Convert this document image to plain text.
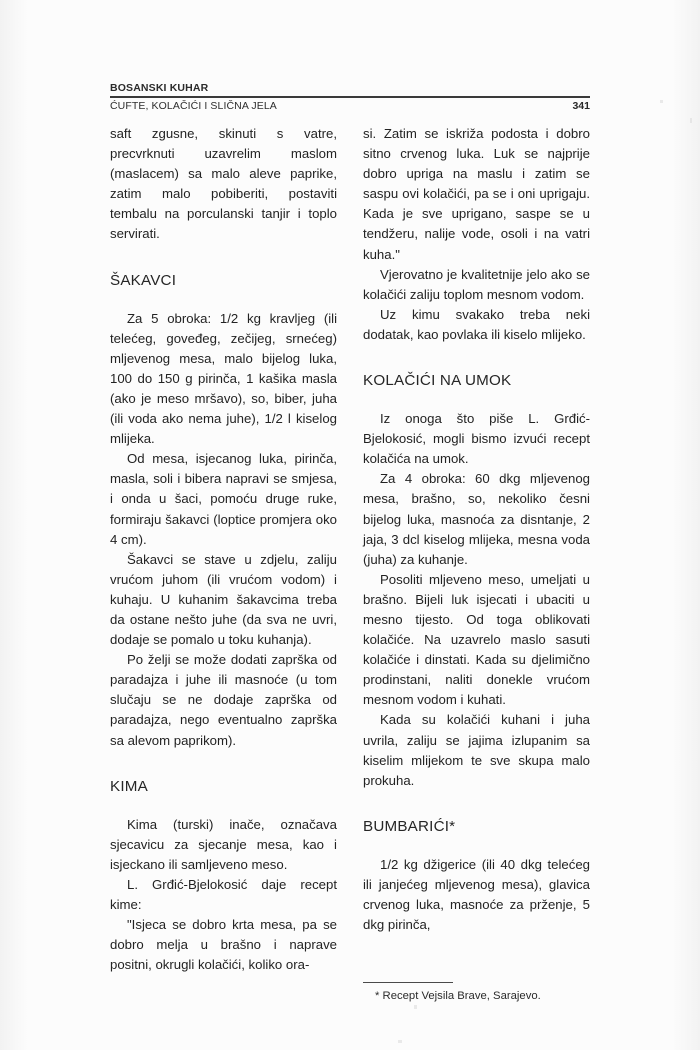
BOSANSKI KUHAR
ĆUFTE, KOLAČIĆI I SLIČNA JELA	341

saft zgusne, skinuti s vatre, precvrknuti uzavrelim maslom (maslacem) sa malo aleve paprike, zatim malo pobiberiti, postaviti tembalu na porculanski tanjir i toplo servirati.

ŠAKAVCI

Za 5 obroka: 1/2 kg kravljeg (ili telećeg, goveđeg, zečijeg, srnećeg) mljevenog mesa, malo bijelog luka, 100 do 150 g pirinča, 1 kašika masla (ako je meso mršavo), so, biber, juha (ili voda ako nema juhe), 1/2 l kiselog mlijeka.

Od mesa, isjecanog luka, pirinča, masla, soli i bibera napravi se smjesa, i onda u šaci, pomoću druge ruke, formiraju šakavci (loptice promjera oko 4 cm).

Šakavci se stave u zdjelu, zaliju vrućom juhom (ili vrućom vodom) i kuhaju. U kuhanim šakavcima treba da ostane nešto juhe (da sva ne uvri, dodaje se pomalo u toku kuhanja).

Po želji se može dodati zaprška od paradajza i juhe ili masnoće (u tom slučaju se ne dodaje zaprška od paradajza, nego eventualno zaprška sa alevom paprikom).

KIMA

Kima (turski) inače, označava sjecavicu za sjecanje mesa, kao i isjeckano ili samljeveno meso.

L. Grđić-Bjelokosić daje recept kime:

"Isjeca se dobro krta mesa, pa se dobro melja u brašno i naprave positni, okrugli kolačići, koliko ora-

si. Zatim se iskriža podosta i dobro sitno crvenog luka. Luk se najprije dobro upriga na maslu i zatim se saspu ovi kolačići, pa se i oni uprigaju. Kada je sve uprigano, saspe se u tendžeru, nalije vode, osoli i na vatri kuha."

Vjerovatno je kvalitetnije jelo ako se kolačići zaliju toplom mesnom vodom.

Uz kimu svakako treba neki dodatak, kao povlaka ili kiselo mlijeko.

KOLAČIĆI NA UMOK

Iz onoga što piše L. Grđić-Bjelokosić, mogli bismo izvući recept kolačića na umok.

Za 4 obroka: 60 dkg mljevenog mesa, brašno, so, nekoliko česni bijelog luka, masnoća za disntanje, 2 jaja, 3 dcl kiselog mlijeka, mesna voda (juha) za kuhanje.

Posoliti mljeveno meso, umeljati u brašno. Bijeli luk isjecati i ubaciti u mesno tijesto. Od toga oblikovati kolačiće. Na uzavrelo maslo sasuti kolačiće i dinstati. Kada su djelimično prodinstani, naliti donekle vrućom mesnom vodom i kuhati.

Kada su kolačići kuhani i juha uvrila, zaliju se jajima izlupanim sa kiselim mlijekom te sve skupa malo prokuha.

BUMBARIĆI*

1/2 kg džigerice (ili 40 dkg telećeg ili janjećeg mljevenog mesa), glavica crvenog luka, masnoće za prženje, 5 dkg pirinča,

* Recept Vejsila Brave, Sarajevo.
